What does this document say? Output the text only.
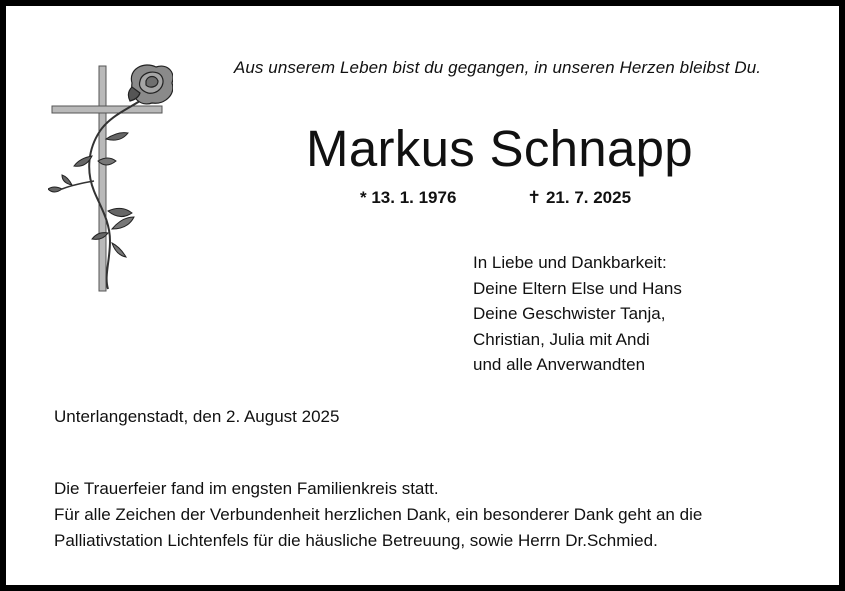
Aus unserem Leben bist du gegangen, in unseren Herzen bleibst Du.
Markus Schnapp
* 13. 1. 1976	✝ 21. 7. 2025
In Liebe und Dankbarkeit:
Deine Eltern Else und Hans
Deine Geschwister Tanja,
Christian, Julia mit Andi
und alle Anverwandten
Unterlangenstadt, den 2. August 2025
Die Trauerfeier fand im engsten Familienkreis statt.
Für alle Zeichen der Verbundenheit herzlichen Dank, ein besonderer Dank geht an die
Palliativstation Lichtenfels für die häusliche Betreuung, sowie Herrn Dr.Schmied.
